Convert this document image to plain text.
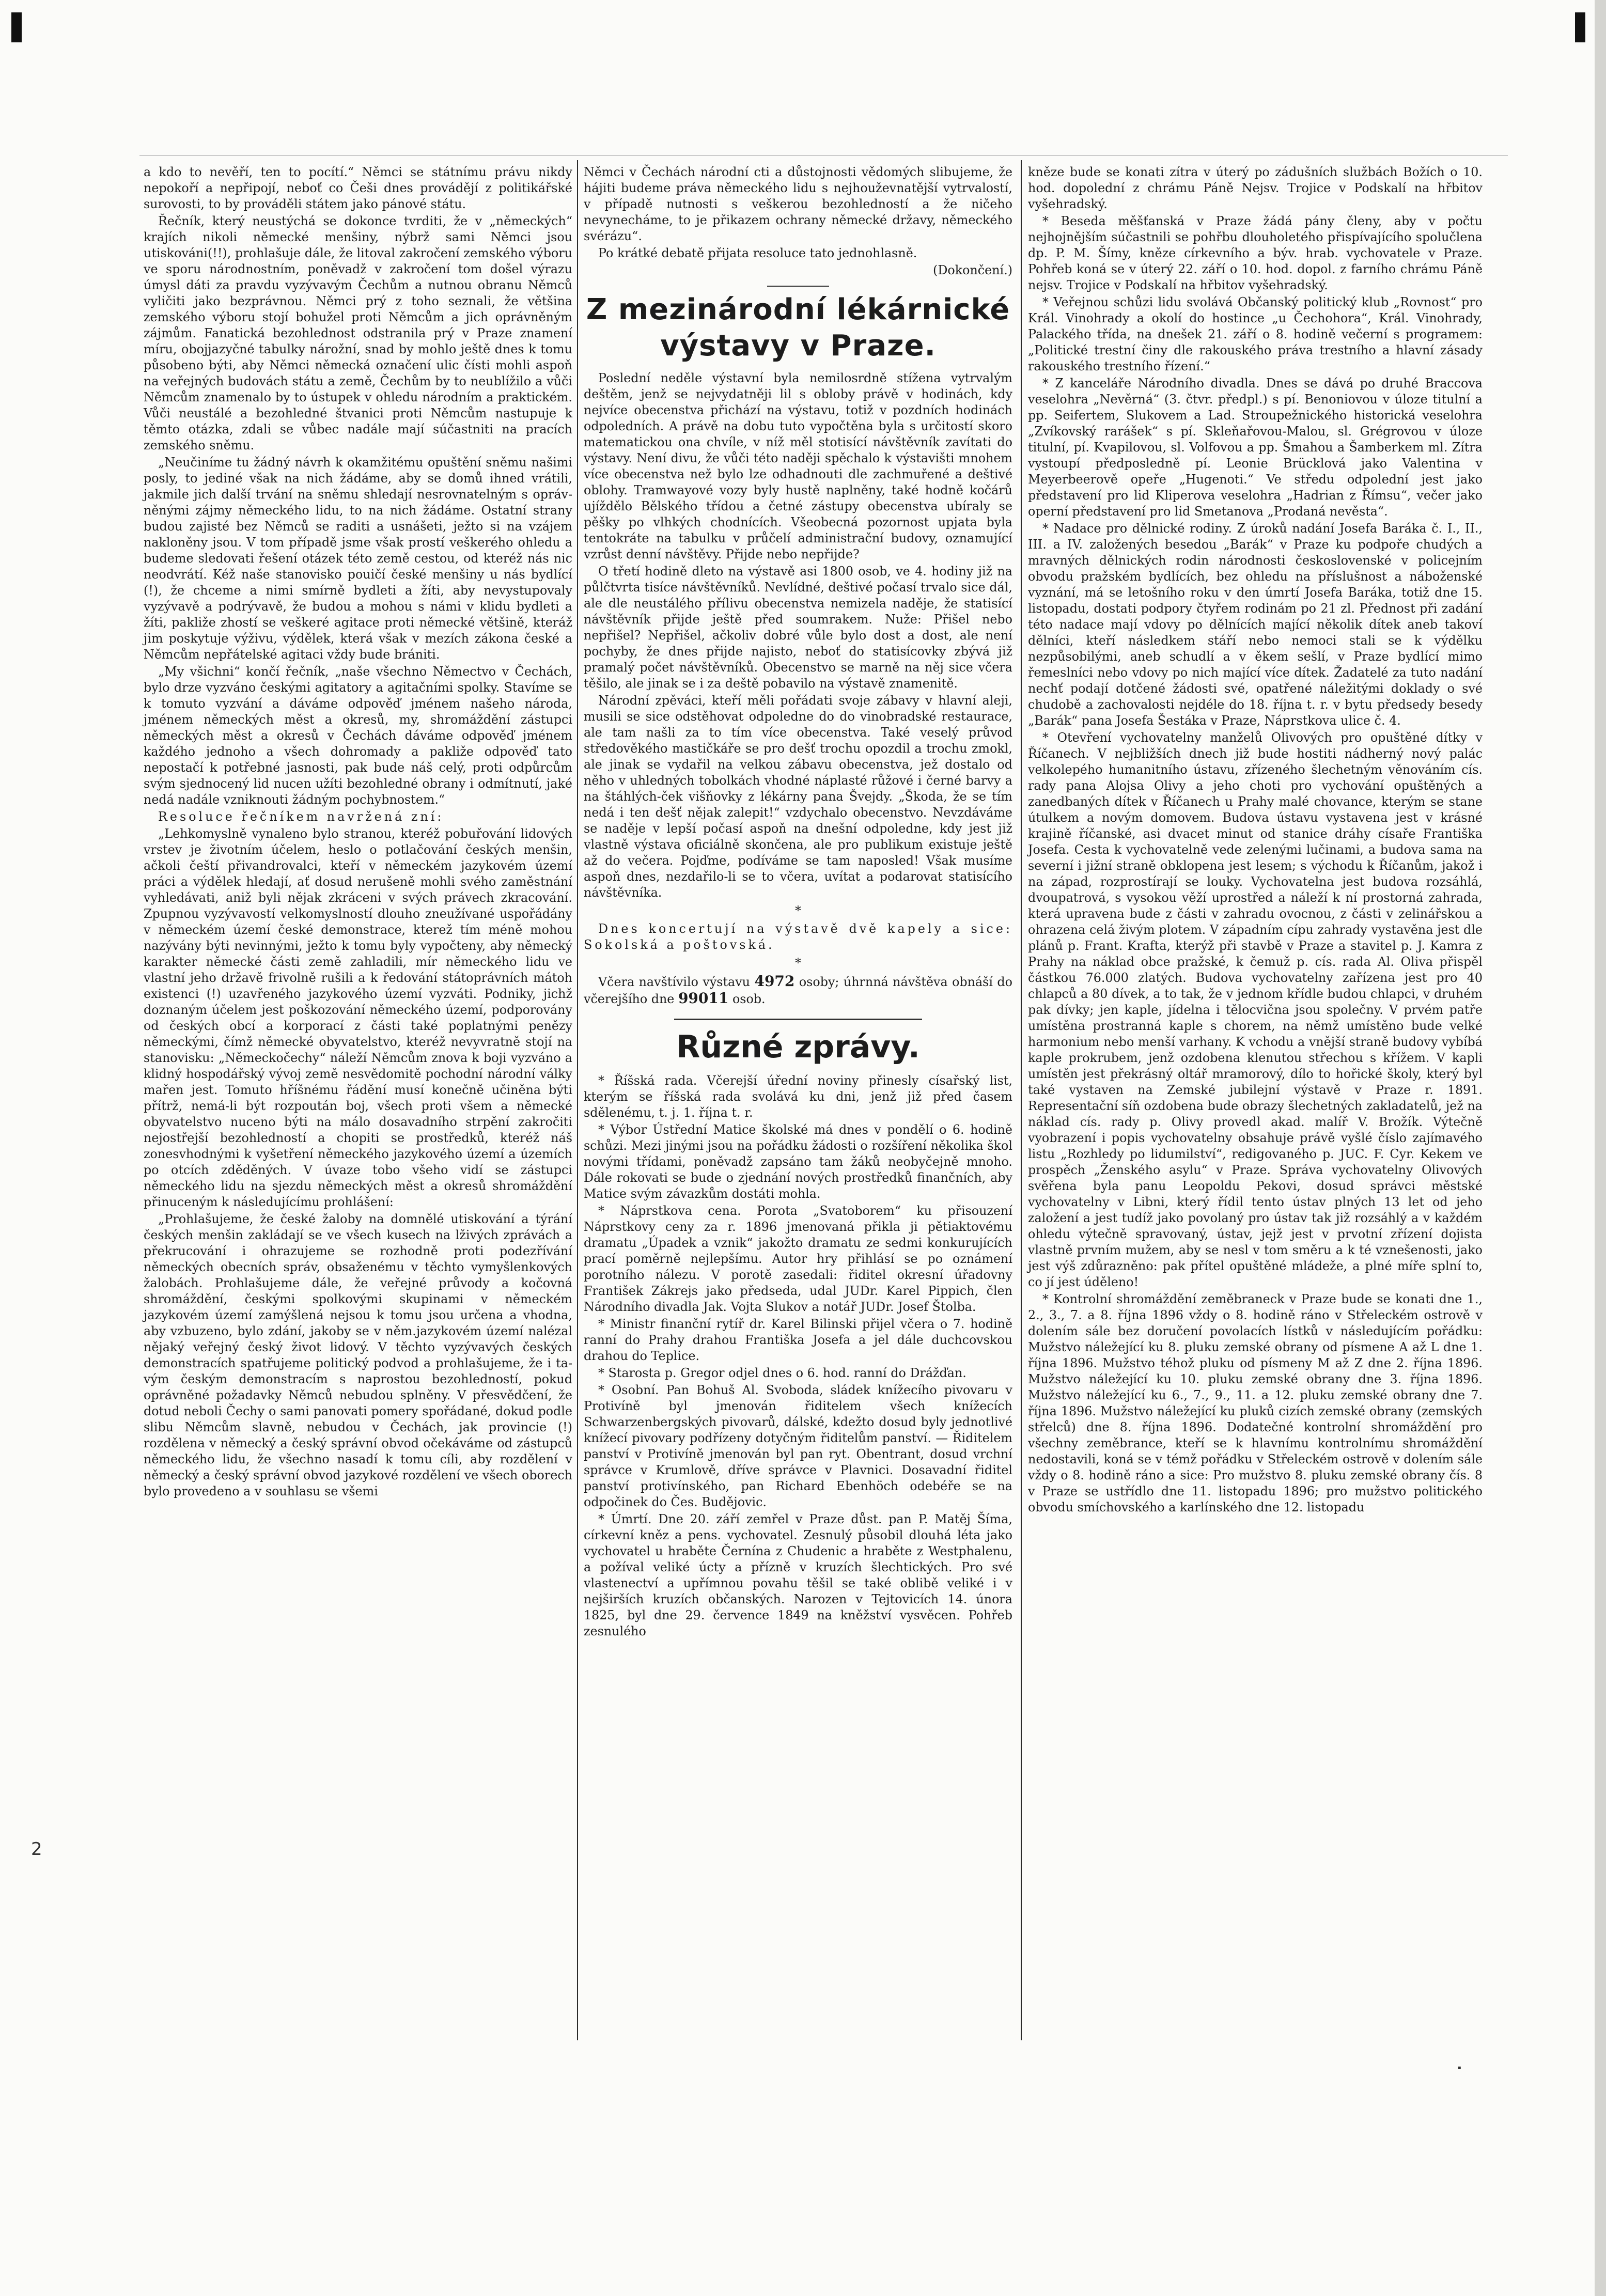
2
.

a kdo to nevěří, ten to pocítí.“ Němci se státnímu právu nikdy nepokoří a nepřipojí, neboť co Češi dnes provádějí z politikářské surovosti, to by prováděli státem jako pánové státu.

Řečník, který neustýchá se dokonce tvrditi, že v „německých“ krajích nikoli německé menšiny, nýbrž sami Němci jsou utiskováni(!!), prohlašuje dále, že litoval zakročení zemského výboru ve sporu národnostním, poněvadž v zakročení tom došel výrazu úmysl dáti za pravdu vyzývavým Čechům a nutnou obranu Němců vyličiti jako bezprávnou. Němci prý z toho seznali, že většina zemského výboru stojí bohužel proti Němcům a jich oprávněným zájmům. Fanatická bezohlednost odstranila prý v Praze znamení míru, obojjazyčné tabulky nárožní, snad by mohlo ještě dnes k tomu působeno býti, aby Němci německá označení ulic čísti mohli aspoň na veřejných budovách státu a země, Čechům by to neublížilo a vůči Němcům znamenalo by to ústupek v ohledu národním a praktickém. Vůči neustálé a bezohledné štvanici proti Němcům nastupuje k těmto otázka, zdali se vůbec nadále mají súčastniti na pracích zemského sněmu.

„Neučiníme tu žádný návrh k okamžitému opuštění sněmu našimi posly, to jediné však na nich žádáme, aby se domů ihned vrátili, jakmile jich další trvání na sněmu shledají nesrovnatelným s opráv-něnými zájmy německého lidu, to na nich žádáme. Ostatní strany budou zajisté bez Němců se raditi a usnášeti, ježto si na vzájem nakloněny jsou. V tom případě jsme však prostí veškerého ohledu a budeme sledovati řešení otázek této země cestou, od kteréž nás nic neodvrátí. Kéž naše stanovisko pouičí české menšiny u nás bydlící (!), že chceme a nimi smírně bydleti a žíti, aby nevystupovaly vyzývavě a podrývavě, že budou a mohou s námi v klidu bydleti a žíti, pakliže zhostí se veškeré agitace proti německé většině, kteráž jim poskytuje výživu, výdělek, která však v mezích zákona české a Němcům nepřátelské agitaci vždy bude brániti.

„My všichni“ končí řečník, „naše všechno Němectvo v Čechách, bylo drze vyzváno českými agitatory a agitačními spolky. Stavíme se k tomuto vyzvání a dáváme odpověď jménem našeho národa, jménem německých měst a okresů, my, shromáždění zástupci německých měst a okresů v Čechách dáváme odpověď jménem každého jednoho a všech dohromady a pakliže odpověď tato nepostačí k potřebné jasnosti, pak bude náš celý, proti odpůrcům svým sjednocený lid nucen užíti bezohledné obrany i odmítnutí, jaké nedá nadále vzniknouti žádným pochybnostem.“

Resoluce řečníkem navržená zní:

„Lehkomyslně vynaleno bylo stranou, kteréž pobuřování lidových vrstev je životním účelem, heslo o potlačování českých menšin, ačkoli čeští přivandrovalci, kteří v německém jazykovém území práci a výdělek hledají, ať dosud nerušeně mohli svého zaměstnání vyhledávati, aniž byli nějak zkráceni v svých právech zkracování. Zpupnou vyzývavostí velkomyslností dlouho zneužívané uspořádány v německém území české demonstrace, kterež tím méně mohou nazývány býti nevinnými, ježto k tomu byly vypočteny, aby německý karakter německé části země zahladili, mír německého lidu ve vlastní jeho državě frivolně rušili a k ředování státoprávních mátoh existenci (!) uzavřeného jazykového území vyzváti. Podniky, jichž doznaným účelem jest poškozování německého území, podporovány od českých obcí a korporací z části také poplatnými penězy německými, čímž německé obyvatelstvo, kteréž nevyvratně stojí na stanovisku: „Německočechy“ náleží Němcům znova k boji vyzváno a klidný hospodářský vývoj země nesvědomitě pochodní národní války mařen jest. Tomuto hříšnému řádění musí konečně učiněna býti přítrž, nemá-li být rozpoután boj, všech proti všem a německé obyvatelstvo nuceno býti na málo dosavadního strpění zakročiti nejostřejší bezohledností a chopiti se prostředků, kteréž náš zonesvhodnými k vyšetření německého jazykového území a územích po otcích zděděných. V úvaze tobo všeho vidí se zástupci německého lidu na sjezdu německých měst a okresů shromáždění přinuceným k následujícímu prohlášení:

„Prohlašujeme, že české žaloby na domnělé utiskování a týrání českých menšin zakládají se ve všech kusech na lživých zprávách a překrucování i ohrazujeme se rozhodně proti podezřívání německých obecních správ, obsaženému v těchto vymyšlenkových žalobách. Prohlašujeme dále, že veřejné průvody a kočovná shromáždění, českými spolkovými skupinami v německém jazykovém území zamýšlená nejsou k tomu jsou určena a vhodna, aby vzbuzeno, bylo zdání, jakoby se v něm.jazykovém území nalézal nějaký veřejný český život lidový. V těchto vyzývavých českých demonstracích spatřujeme politický podvod a prohlašujeme, že i ta- vým českým demonstracím s naprostou bezohledností, pokud oprávněné požadavky Němců nebudou splněny. V přesvědčení, že dotud neboli Čechy o sami panovati pomery spořádané, dokud podle slibu Němcům slavně, nebudou v Čechách, jak provincie (!) rozdělena v německý a český správní obvod očekáváme od zástupců německého lidu, že všechno nasadí k tomu cíli, aby rozdělení v německý a český správní obvod jazykové rozdělení ve všech oborech bylo provedeno a v souhlasu se všemi

Němci v Čechách národní cti a důstojnosti vědomých slibujeme, že hájiti budeme práva německého lidu s nejhouževnatější vytrvalostí, v případě nutnosti s veškerou bezohledností a že ničeho nevynecháme, to je přikazem ochrany německé državy, německého svérázu“.

Po krátké debatě přijata resoluce tato jednohlasně.

(Dokončení.)

Z mezinárodní lékárnické výstavy v Praze.

Poslední neděle výstavní byla nemilosrdně stížena vytrvalým deštěm, jenž se nejvydatněji lil s obloby právě v hodinách, kdy nejvíce obecenstva přichází na výstavu, totiž v pozdních hodinách odpoledních. A právě na dobu tuto vypočtěna byla s určitostí skoro matematickou ona chvíle, v níž měl stotisící návštěvník zavítati do výstavy. Není divu, že vůči této naději spěchalo k výstavišti mnohem více obecenstva než bylo lze odhadnouti dle zachmuřené a deštivé oblohy. Tramwayové vozy byly hustě naplněny, také hodně kočárů ujíždělo Bělského třídou a četné zástupy obecenstva ubíraly se pěšky po vlhkých chodnících. Všeobecná pozornost upjata byla tentokráte na tabulku v průčelí administrační budovy, oznamující vzrůst denní návštěvy. Přijde nebo nepřijde?

O třetí hodině dleto na výstavě asi 1800 osob, ve 4. hodiny již na půlčtvrta tisíce návštěvníků. Nevlídné, deštivé počasí trvalo sice dál, ale dle neustálého přílivu obecenstva nemizela naděje, že statisící návštěvník přijde ještě před soumrakem. Nuže: Přišel nebo nepřišel? Nepřišel, ačkoliv dobré vůle bylo dost a dost, ale není pochyby, že dnes přijde najisto, neboť do statisícovky zbývá již pramalý počet návštěvníků. Obecenstvo se marně na něj sice včera těšilo, ale jinak se i za deště pobavilo na výstavě znamenitě.

Národní zpěváci, kteří měli pořádati svoje zábavy v hlavní aleji, musili se sice odstěhovat odpoledne do do vinobradské restaurace, ale tam našli za to tím více obecenstva. Také veselý průvod středověkého mastičkáře se pro dešť trochu opozdil a trochu zmokl, ale jinak se vydařil na velkou zábavu obecenstva, jež dostalo od něho v uhledných tobolkách vhodné náplasté růžové i černé barvy a na štáhlých-ček višňovky z lékárny pana Švejdy. „Škoda, že se tím nedá i ten dešť nějak zalepit!“ vzdychalo obecenstvo. Nevzdáváme se naděje v lepší počasí aspoň na dnešní odpoledne, kdy jest již vlastně výstava oficiálně skončena, ale pro publikum existuje ještě až do večera. Pojďme, podíváme se tam naposled! Však musíme aspoň dnes, nezdařilo-li se to včera, uvítat a podarovat statisícího návštěvníka.

*

Dnes koncertují na výstavě dvě kapely a sice: Sokolská a poštovská.

*

Včera navštívilo výstavu 4972 osoby; úhrnná návštěva obnáší do včerejšího dne 99011 osob.

Různé zprávy.

* Říšská rada. Včerejší úřední noviny přinesly císařský list, kterým se říšská rada svolává ku dni, jenž již před časem sdělenému, t. j. 1. října t. r.

* Výbor Ústřední Matice školské má dnes v pondělí o 6. hodině schůzi. Mezi jinými jsou na pořádku žádosti o rozšíření několika škol novými třídami, poněvadž zapsáno tam žáků neobyčejně mnoho. Dále rokovati se bude o zjednání nových prostředků finančních, aby Matice svým závazkům dostáti mohla.

* Náprstkova cena. Porota „Svatoborem“ ku přisouzení Náprstkovy ceny za r. 1896 jmenovaná přikla ji pětiaktovému dramatu „Úpadek a vznik“ jakožto dramatu ze sedmi konkurujících prací poměrně nejlepšímu. Autor hry přihlásí se po oznámení porotního nálezu. V porotě zasedali: řiditel okresní úřadovny František Zákrejs jako předseda, udal JUDr. Karel Pippich, člen Národního divadla Jak. Vojta Slukov a notář JUDr. Josef Štolba.

* Ministr finanční rytíř dr. Karel Bilinski přijel včera o 7. hodině ranní do Prahy drahou Františka Josefa a jel dále duchcovskou drahou do Teplice.

* Starosta p. Gregor odjel dnes o 6. hod. ranní do Drážďan.

* Osobní. Pan Bohuš Al. Svoboda, sládek knížecího pivovaru v Protivíně byl jmenován řiditelem všech knížecích Schwarzenbergských pivovarů, dálské, kdežto dosud byly jednotlivé knížecí pivovary podřízeny dotyčným řiditelům panství. — Řiditelem panství v Protivíně jmenován byl pan ryt. Obentrant, dosud vrchní správce v Krumlově, dříve správce v Plavnici. Dosavadní řiditel panství protivínského, pan Richard Ebenhöch odebéře se na odpočinek do Čes. Budějovic.

* Úmrtí. Dne 20. září zemřel v Praze důst. pan P. Matěj Šíma, církevní kněz a pens. vychovatel. Zesnulý působil dlouhá léta jako vychovatel u hraběte Černína z Chudenic a hraběte z Westphalenu, a požíval veliké úcty a přízně v kruzích šlechtických. Pro své vlastenectví a upřímnou povahu těšil se také oblibě veliké i v nejširších kruzích občanských. Narozen v Tejtovicích 14. února 1825, byl dne 29. července 1849 na kněžství vysvěcen. Pohřeb zesnulého

kněze bude se konati zítra v úterý po zádušních službách Božích o 10. hod. dopolední z chrámu Páně Nejsv. Trojice v Podskalí na hřbitov vyšehradský.

* Beseda měšťanská v Praze žádá pány členy, aby v počtu nejhojnějším súčastnili se pohřbu dlouholetého přispívajícího spolučlena dp. P. M. Šímy, kněze církevního a býv. hrab. vychovatele v Praze. Pohřeb koná se v úterý 22. září o 10. hod. dopol. z farního chrámu Páně nejsv. Trojice v Podskalí na hřbitov vyšehradský.

* Veřejnou schůzi lidu svolává Občanský politický klub „Rovnost“ pro Král. Vinohrady a okolí do hostince „u Čechohora“, Král. Vinohrady, Palackého třída, na dnešek 21. září o 8. hodině večerní s programem: „Politické trestní činy dle rakouského práva trestního a hlavní zásady rakouského trestního řízení.“

* Z kanceláře Národního divadla. Dnes se dává po druhé Braccova veselohra „Nevěrná“ (3. čtvr. předpl.) s pí. Benoniovou v úloze titulní a pp. Seifertem, Slukovem a Lad. Stroupežnického historická veselohra „Zvíkovský rarášek“ s pí. Skleňařovou-Malou, sl. Grégrovou v úloze titulní, pí. Kvapilovou, sl. Volfovou a pp. Šmahou a Šamberkem ml. Zítra vystoupí předposledně pí. Leonie Brücklová jako Valentina v Meyerbeerově opeře „Hugenoti.“ Ve středu odpolední jest jako představení pro lid Kliperova veselohra „Hadrian z Římsu“, večer jako operní představení pro lid Smetanova „Prodaná nevěsta“.

* Nadace pro dělnické rodiny. Z úroků nadání Josefa Baráka č. I., II., III. a IV. založených besedou „Barák“ v Praze ku podpoře chudých a mravných dělnických rodin národnosti československé v policejním obvodu pražském bydlících, bez ohledu na příslušnost a náboženské vyznání, má se letošního roku v den úmrtí Josefa Baráka, totiž dne 15. listopadu, dostati podpory čtyřem rodinám po 21 zl. Přednost při zadání této nadace mají vdovy po dělnících mající několik dítek aneb takoví dělníci, kteří následkem stáří nebo nemoci stali se k výdělku nezpůsobilými, aneb schudlí a v ěkem sešlí, v Praze bydlící mimo řemeslníci nebo vdovy po nich mající více dítek. Žadatelé za tuto nadání nechť podají dotčené žádosti své, opatřené náležitými doklady o své chudobě a zachovalosti nejdéle do 18. října t. r. v bytu předsedy besedy „Barák“ pana Josefa Šestáka v Praze, Náprstkova ulice č. 4.

* Otevření vychovatelny manželů Olivových pro opuštěné dítky v Říčanech. V nejbližších dnech již bude hostiti nádherný nový palác velkolepého humanitního ústavu, zřízeného šlechetným věnováním cís. rady pana Alojsa Olivy a jeho choti pro vychování opuštěných a zanedbaných dítek v Říčanech u Prahy malé chovance, kterým se stane útulkem a novým domovem. Budova ústavu vystavena jest v krásné krajině říčanské, asi dvacet minut od stanice dráhy císaře Františka Josefa. Cesta k vychovatelně vede zelenými lučinami, a budova sama na severní i jižní straně obklopena jest lesem; s východu k Říčanům, jakož i na západ, rozprostírají se louky. Vychovatelna jest budova rozsáhlá, dvoupatrová, s vysokou věží uprostřed a náleží k ní prostorná zahrada, která upravena bude z části v zahradu ovocnou, z části v zelinářskou a ohrazena celá živým plotem. V západním cípu zahrady vystavěna jest dle plánů p. Frant. Krafta, kterýž při stavbě v Praze a stavitel p. J. Kamra z Prahy na náklad obce pražské, k čemuž p. cís. rada Al. Oliva přispěl částkou 76.000 zlatých. Budova vychovatelny zařízena jest pro 40 chlapců a 80 dívek, a to tak, že v jednom křídle budou chlapci, v druhém pak dívky; jen kaple, jídelna i tělocvična jsou společny. V prvém patře umístěna prostranná kaple s chorem, na němž umístěno bude velké harmonium nebo menší varhany. K vchodu a vnější straně budovy vybíbá kaple prokrubem, jenž ozdobena klenutou střechou s křížem. V kapli umístěn jest překrásný oltář mramorový, dílo to hořické školy, který byl také vystaven na Zemské jubilejní výstavě v Praze r. 1891. Representační síň ozdobena bude obrazy šlechetných zakladatelů, jež na náklad cís. rady p. Olivy provedl akad. malíř V. Brožík. Výtečně vyobrazení i popis vychovatelny obsahuje právě vyšlé číslo zajímavého listu „Rozhledy po lidumilství“, redigovaného p. JUC. F. Cyr. Kekem ve prospěch „Ženského asylu“ v Praze. Správa vychovatelny Olivových svěřena byla panu Leopoldu Pekovi, dosud správci městské vychovatelny v Libni, který řídil tento ústav plných 13 let od jeho založení a jest tudíž jako povolaný pro ústav tak již rozsáhlý a v každém ohledu výtečně spravovaný, ústav, jejž jest v prvotní zřízení dojista vlastně prvním mužem, aby se nesl v tom směru a k té vznešenosti, jako jest výš zdůrazněno: pak přítel opuštěné mládeže, a plné míře splní to, co jí jest úděleno!

* Kontrolní shromáždění zeměbraneck v Praze bude se konati dne 1., 2., 3., 7. a 8. října 1896 vždy o 8. hodině ráno v Střeleckém ostrově v dolením sále bez doručení povolacích lístků v následujícím pořádku: Mužstvo náležející ku 8. pluku zemské obrany od písmene A až L dne 1. října 1896. Mužstvo téhož pluku od písmeny M až Z dne 2. října 1896. Mužstvo náležející ku 10. pluku zemské obrany dne 3. října 1896. Mužstvo náležející ku 6., 7., 9., 11. a 12. pluku zemské obrany dne 7. října 1896. Mužstvo náležející ku pluků cizích zemské obrany (zemských střelců) dne 8. října 1896. Dodatečné kontrolní shromáždění pro všechny zeměbrance, kteří se k hlavnímu kontrolnímu shromáždění nedostavili, koná se v témž pořádku v Střeleckém ostrově v dolením sále vždy o 8. hodině ráno a sice: Pro mužstvo 8. pluku zemské obrany čís. 8 v Praze se ustřídlo dne 11. listopadu 1896; pro mužstvo politického obvodu smíchovského a karlínského dne 12. listopadu
